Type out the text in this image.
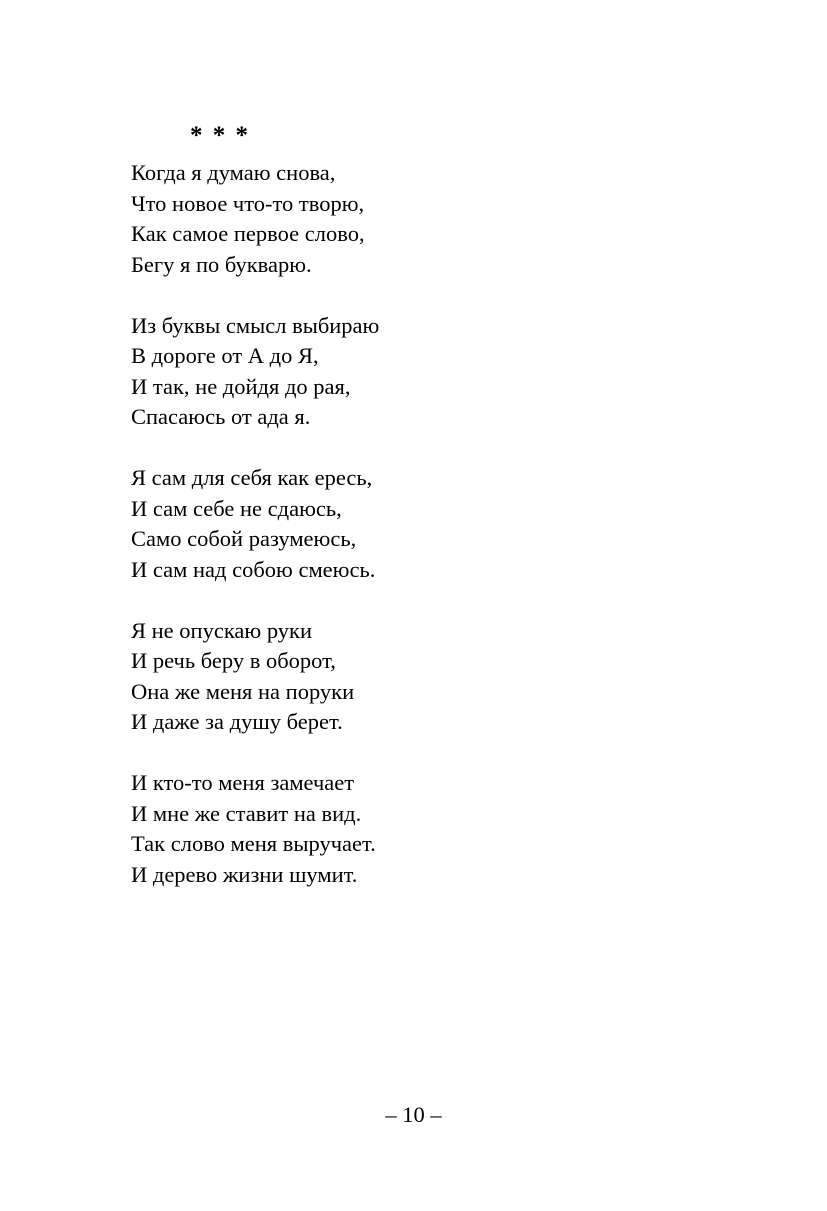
* * *
Когда я думаю снова,
Что новое что-то творю,
Как самое первое слово,
Бегу я по букварю.
Из буквы смысл выбираю
В дороге от А до Я,
И так, не дойдя до рая,
Спасаюсь от ада я.
Я сам для себя как ересь,
И сам себе не сдаюсь,
Само собой разумеюсь,
И сам над собою смеюсь.
Я не опускаю руки
И речь беру в оборот,
Она же меня на поруки
И даже за душу берет.
И кто-то меня замечает
И мне же ставит на вид.
Так слово меня выручает.
И дерево жизни шумит.
– 10 –
